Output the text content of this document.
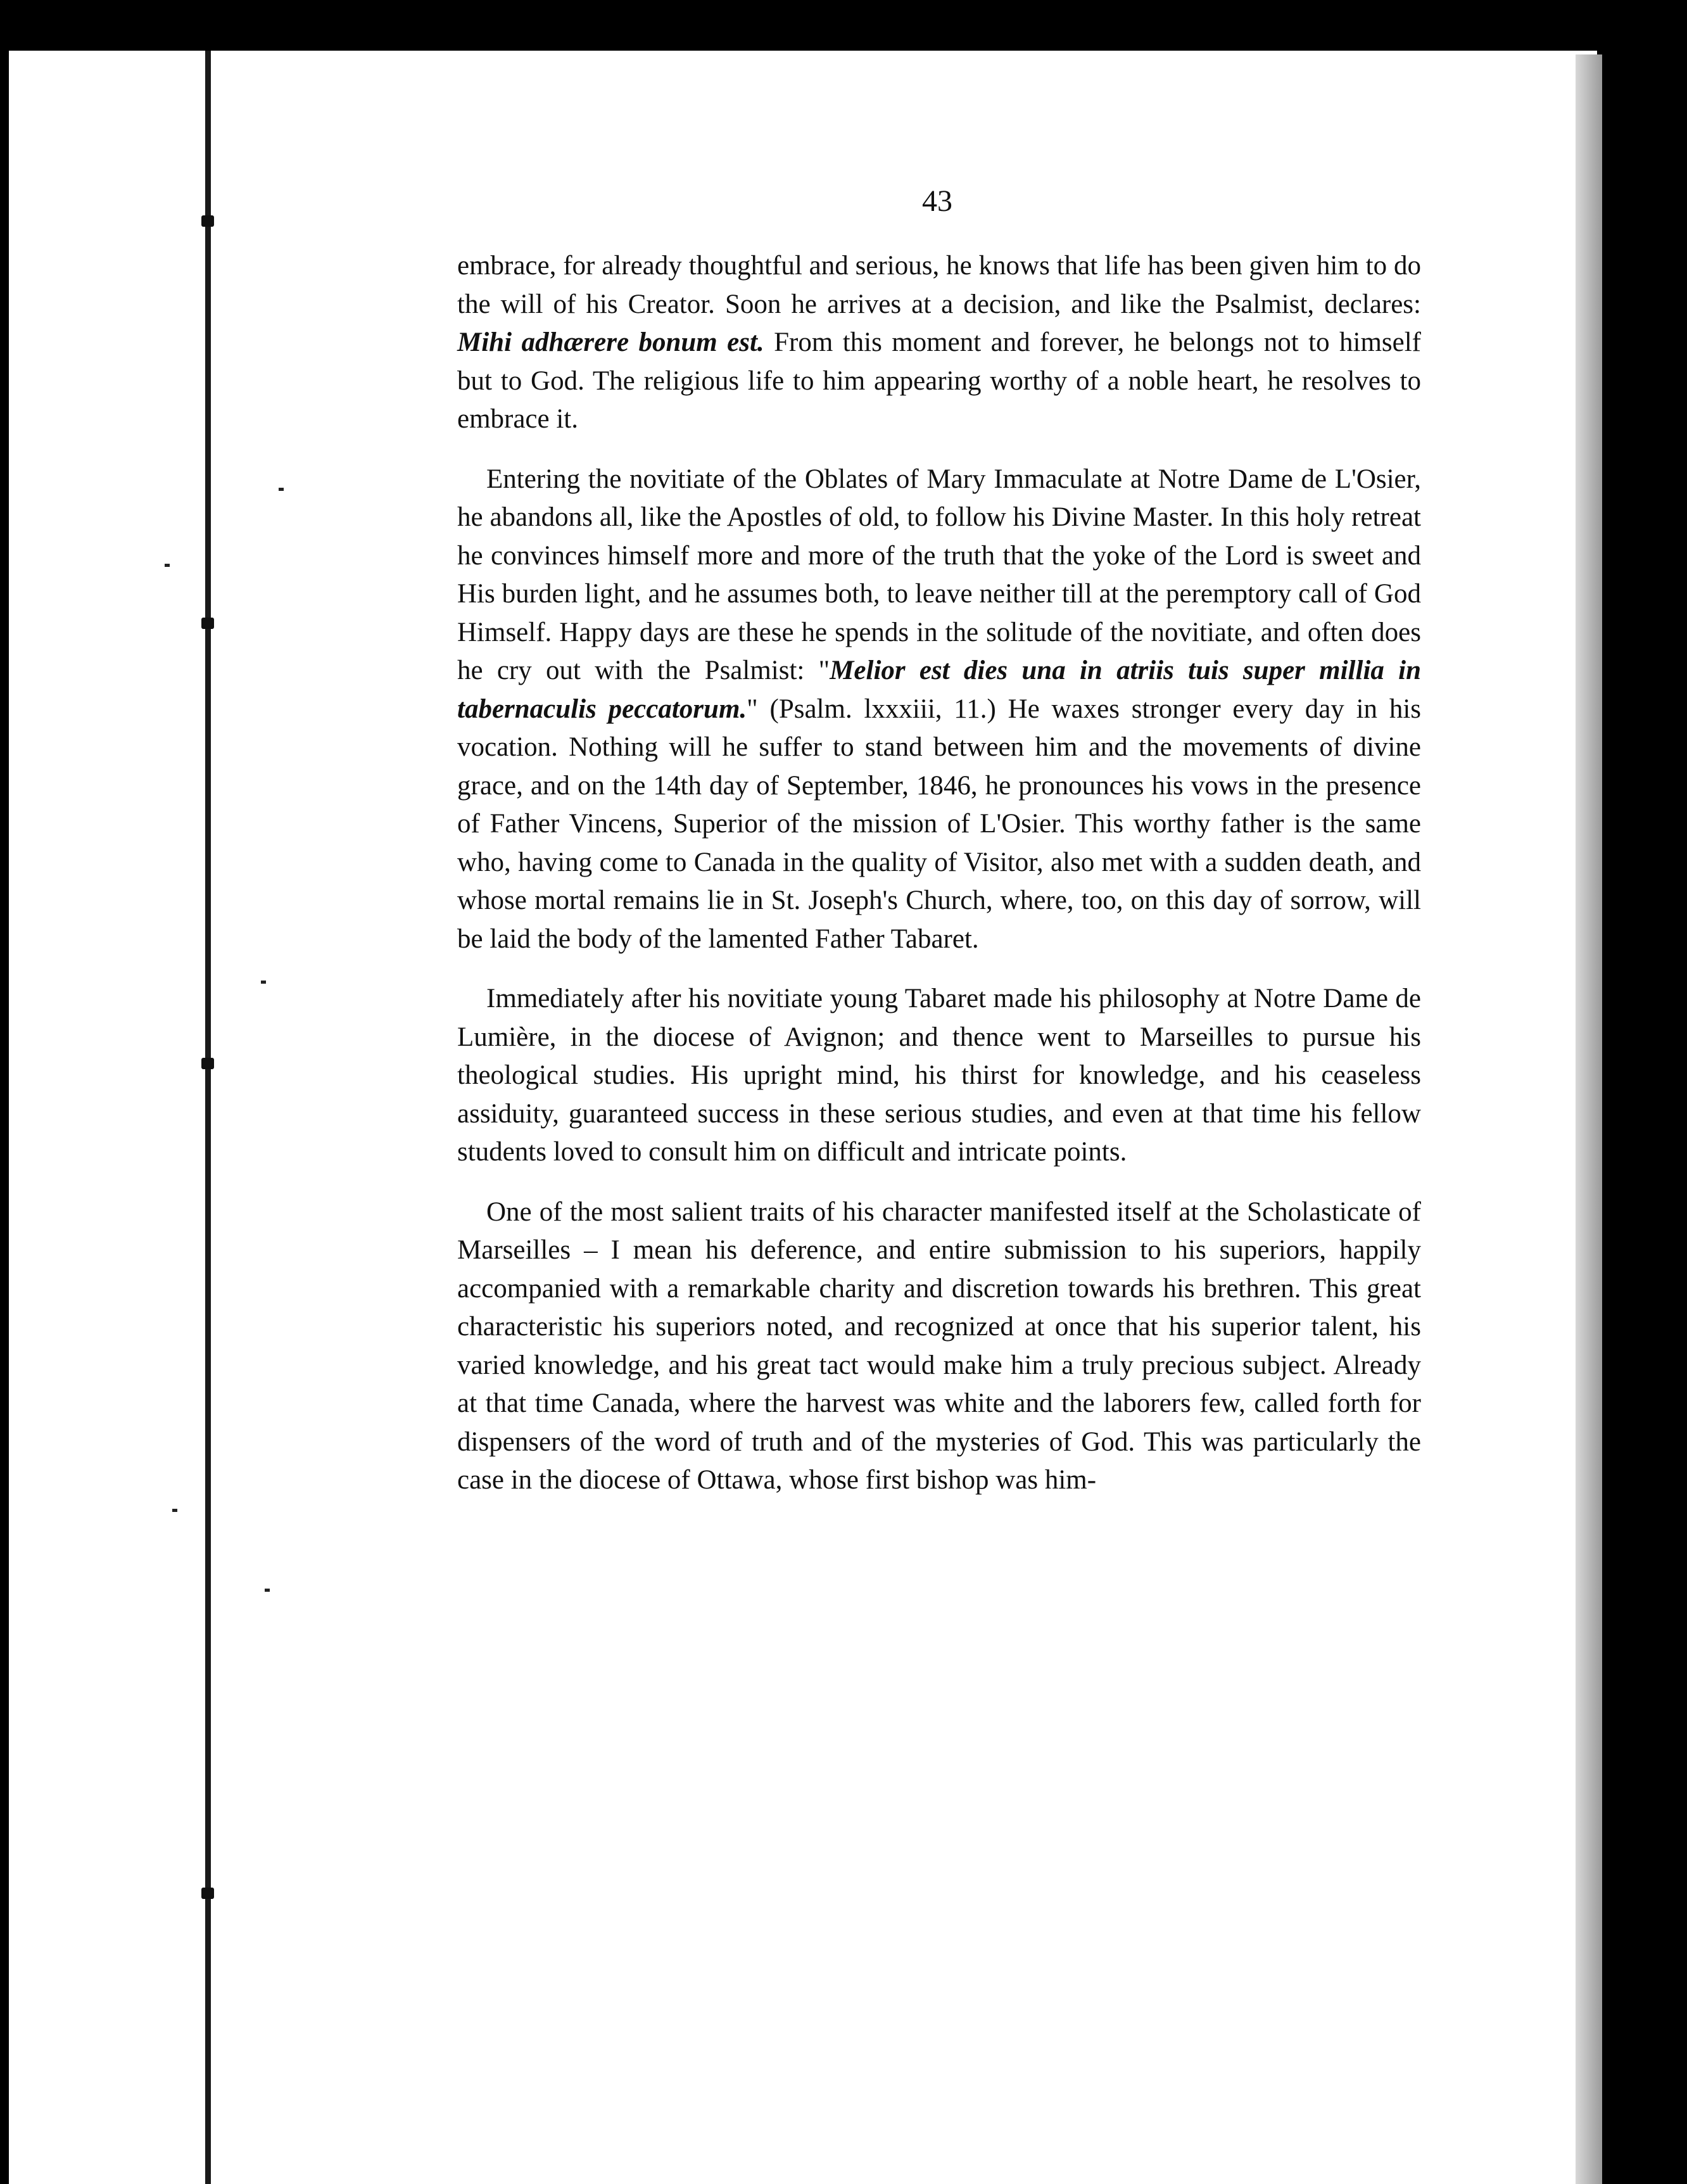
43

embrace, for already thoughtful and serious, he knows that life has been given him to do the will of his Creator. Soon he arrives at a decision, and like the Psalmist, declares: Mihi adhærere bonum est. From this moment and forever, he belongs not to himself but to God. The religious life to him appearing worthy of a noble heart, he resolves to embrace it.

Entering the novitiate of the Oblates of Mary Immaculate at Notre Dame de L'Osier, he abandons all, like the Apostles of old, to follow his Divine Master. In this holy retreat he convinces himself more and more of the truth that the yoke of the Lord is sweet and His burden light, and he assumes both, to leave neither till at the peremptory call of God Himself. Happy days are these he spends in the solitude of the novitiate, and often does he cry out with the Psalmist: "Melior est dies una in atriis tuis super millia in tabernaculis peccatorum." (Psalm. lxxxiii, 11.) He waxes stronger every day in his vocation. Nothing will he suffer to stand between him and the movements of divine grace, and on the 14th day of September, 1846, he pronounces his vows in the presence of Father Vincens, Superior of the mission of L'Osier. This worthy father is the same who, having come to Canada in the quality of Visitor, also met with a sudden death, and whose mortal remains lie in St. Joseph's Church, where, too, on this day of sorrow, will be laid the body of the lamented Father Tabaret.

Immediately after his novitiate young Tabaret made his philosophy at Notre Dame de Lumière, in the diocese of Avignon; and thence went to Marseilles to pursue his theological studies. His upright mind, his thirst for knowledge, and his ceaseless assiduity, guaranteed success in these serious studies, and even at that time his fellow students loved to consult him on difficult and intricate points.

One of the most salient traits of his character manifested itself at the Scholasticate of Marseilles – I mean his deference, and entire submission to his superiors, happily accompanied with a remarkable charity and discretion towards his brethren. This great characteristic his superiors noted, and recognized at once that his superior talent, his varied knowledge, and his great tact would make him a truly precious subject. Already at that time Canada, where the harvest was white and the laborers few, called forth for dispensers of the word of truth and of the mysteries of God. This was particularly the case in the diocese of Ottawa, whose first bishop was him-
